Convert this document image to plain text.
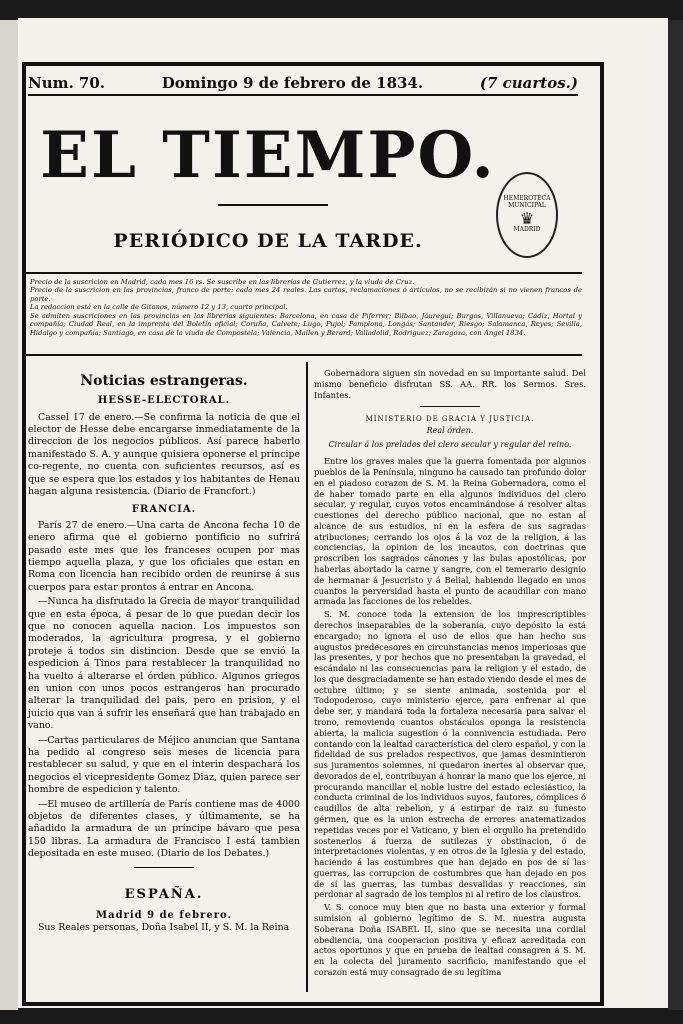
Num. 70.	Domingo 9 de febrero de 1834.	(7 cuartos.)
EL TIEMPO.
PERIÓDICO DE LA TARDE.
HEMEROTECA MUNICIPAL
♛
MADRID

Precio de la suscricion en Madrid, cada mes 16 rs. Se suscribe en las librerías de Gutierrez, y la viuda de Cruz.

Precio de la suscricion en las provincias, franco de porte: cada mes 24 reales. Las cartas, reclamaciones ó artículos, no se recibirán si no vienen francos de porte.

La redaccion está en la calle de Gitanos, número 12 y 13, cuarto principal.

Se admiten suscriciones en las provincias en las librerías siguientes: Barcelona, en casa de Piferrer; Bilbao, Jáuregui; Burgos, Villanueva; Cádiz, Hortal y compañía; Ciudad Real, en la imprenta del Boletín oficial; Coruña, Calvete; Lugo, Pujol; Pamplona, Longás; Santander, Riesgo; Salamanca, Reyes; Sevilla, Hidalgo y compañía; Santiago, en casa de la viuda de Compostela; Valencia, Mallen y Berard; Valladolid, Rodriguez; Zaragoza, con Ángel 1834.

Noticias estrangeras.
HESSE-ELECTORAL.

Cassel 17 de enero.—Se confirma la noticia de que el elector de Hesse debe encargarse inmediatamente de la direccion de los negocios públicos. Así parece haberlo manifestado S. A. y aunque quisiera oponerse el príncipe co-regente, no cuenta con suficientes recursos, así es que se espera que los estados y los habitantes de Henau hagan alguna resistencia. (Diario de Francfort.)

FRANCIA.

París 27 de enero.—Una carta de Ancona fecha 10 de enero afirma que el gobierno pontificio no sufrirá pasado este mes que los franceses ocupen por mas tiempo aquella plaza, y que los oficiales que estan en Roma con licencia han recibido orden de reunirse á sus cuerpos para estar prontos á entrar en Ancona.

—Nunca ha disfrutado la Grecia de mayor tranquilidad que en esta época, á pesar de lo que puedan decir los que no conocen aquella nacion. Los impuestos son moderados, la agricultura progresa, y el gobierno proteje á todos sin distincion. Desde que se envió la espedicion á Tinos para restablecer la tranquilidad no ha vuelto á alterarse el órden público. Algunos griegos en union con unos pocos estrangeros han procurado alterar la tranquilidad del pais, pero en prision, y el juicio que van á sufrir les enseñará que han trabajado en vano.

—Cartas particulares de Méjico anuncian que Santana ha pedido al congreso seis meses de licencia para restablecer su salud, y que en el interin despachará los negocios el vicepresidente Gomez Diaz, quien parece ser hombre de espedicion y talento.

—El museo de artillería de París contiene mas de 4000 objetos de diferentes clases, y últimamente, se ha añadido la armadura de un príncipe bávaro que pesa 150 libras. La armadura de Francisco I está tambien depositada en este museo. (Diario de los Debates.)

ESPAÑA.
Madrid 9 de febrero.

Sus Reales personas, Doña Isabel II, y S. M. la Reina

Gobernadora siguen sin novedad en su importante salud. Del mismo beneficio disfrutan SS. AA. RR. los Sermos. Sres. Infantes.

MINISTERIO DE GRACIA Y JUSTICIA.
Real órden.
Circular á los prelados del clero secular y regular del reino.

Entre los graves males que la guerra fomentada por algunos pueblos de la Península, ninguno ha causado tan profundo dolor en el piadoso corazon de S. M. la Reina Gobernadora, como el de haber tomado parte en ella algunos individuos del clero secular, y regular, cuyos votos encaminándose á resolver altas cuestiones del derecho público nacional, que no estan al alcance de sus estudios, ni en la esfera de sus sagradas atribuciones; cerrando los ojos á la voz de la religion, á las conciencias, la opinion de los incautos, con doctrinas que proscriben los sagrados cánones y las bulas apostólicas, por haberlas abortado la carne y sangre, con el temerario designio de hermanar á Jesucristo y á Belial, habiendo llegado en unos cuantos la perversidad hasta el punto de acaudillar con mano armada las facciones de los rebeldes.

S. M. conoce toda la extension de los imprescriptibles derechos inseparables de la soberanía, cuyo depósito la está encargado; no ignora el uso de ellos que han hecho sus augustos predecesores en circunstancias menos imperiosas que las presentes, y por hechos que no presentaban la gravedad, el escándalo ni las consecuencias para la religion y el estado, de los que desgraciadamente se han estado viendo desde el mes de octubre último; y se siente animada, sostenida por el Todopoderoso, cuyo ministerio ejerce, para enfrenar al que debe ser, y mandará toda la fortaleza necesaria para salvar el trono, removiendo cuantos obstáculos oponga la resistencia abierta, la malicia sugestion ó la connivencia estudiada. Pero contando con la lealtad característica del clero español, y con la fidelidad de sus prelados respectivos, que jamas desmintieron sus juramentos solemnes, ni quedaron inertes al observar que, devorados de el, contribuyan á honrar la mano que los ejerce, ni procurando mancillar el noble lustre del estado eclesiástico, la conducta criminal de los individuos suyos, fautores, cómplices ó caudillos de alta rebelion, y á estirpar de raiz su funesto gérmen, que es la union estrecha de errores anatematizados repetidas veces por el Vaticano, y bien el orgullo ha pretendido sostenerlos á fuerza de sutilezas y obstinacion, ó de interpretaciones violentas, y en otros de la Iglesia y del estado, haciendo á las costumbres que han dejado en pos de sí las guerras, las corrupcion de costumbres que han dejado en pos de sí las guerras, las tumbas desvalidas y reacciones, sin perdonar al sagrado de los templos ni al retiro de los claustros.

V. S. conoce muy bien que no basta una exterior y formal sumision al gobierno legítimo de S. M. nuestra augusta Soberana Doña ISABEL II, sino que se necesita una cordial obediencia, una cooperacion positiva y eficaz acreditada con actos oportunos y que en prueba de lealtad consagren á S. M. en la colecta del juramento sacrificio, manifestando que el corazon está muy consagrado de su legítima
